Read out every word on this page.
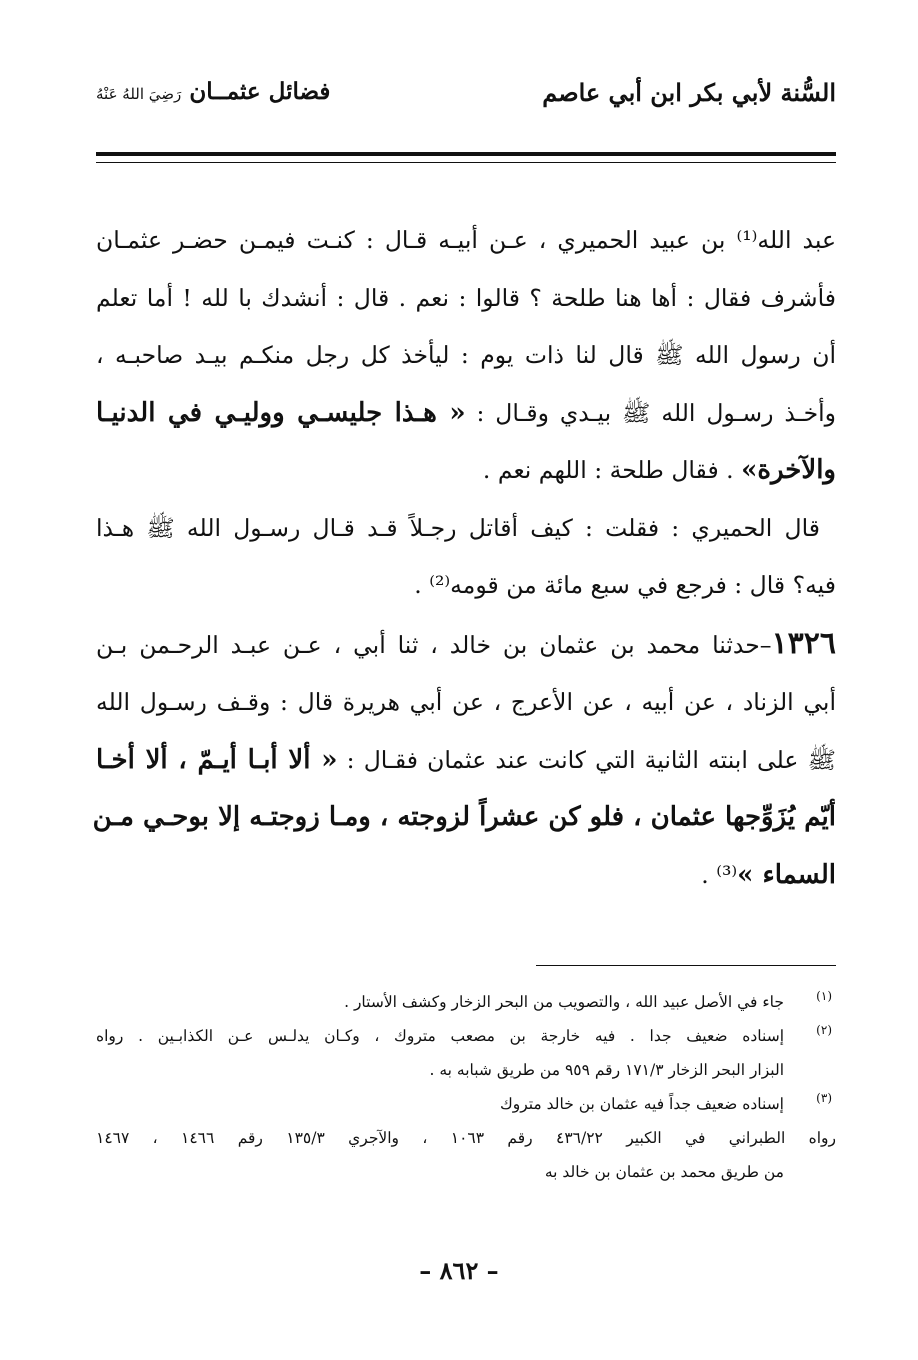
السُّنة لأبي بكر ابن أبي عاصم
فضائل عثمــان رَضِيَ اللهُ عَنْهُ

عبد الله⁽¹⁾ بن عبيد الحميري ، عـن أبيـه قـال : كنـت فيمـن حضـر عثمـان
فأشرف فقال : أها هنا طلحة ؟ قالوا : نعم . قال : أنشدك با لله ! أما تعلم
أن رسول الله ﷺ قال لنا ذات يوم : ليأخذ كل رجل منكـم بيـد صاحبـه ،
وأخـذ رسـول الله ﷺ بيـدي وقـال : « هـذا جليسـي ووليـي في الدنيـا
والآخرة» . فقال طلحة : اللهم نعم .

قال الحميري : فقلت : كيف أقاتل رجـلاً قـد قـال رسـول الله ﷺ هـذا
فيه؟ قال : فرجع في سبع مائة من قومه⁽²⁾ .

١٣٢٦–حدثنا محمد بن عثمان بن خالد ، ثنا أبي ، عـن عبـد الرحـمن بـن
أبي الزناد ، عن أبيه ، عن الأعرج ، عن أبي هريرة قال : وقـف رسـول الله
ﷺ على ابنته الثانية التي كانت عند عثمان فقـال : « ألا أبـا أيـمّ ، ألا أخـا
أيّم يُزَوِّجها عثمان ، فلو كن عشراً لزوجته ، ومـا زوجتـه إلا بوحـي مـن
السماء »⁽³⁾ .

(١)
جاء في الأصل عبيد الله ، والتصويب من البحر الزخار وكشف الأستار .
(٢)
إسناده ضعيف جدا . فيه خارجة بن مصعب متروك ، وكـان يدلـس عـن الكذابـين . رواه
البزار البحر الزخار ١٧١/٣ رقم ٩٥٩ من طريق شبابه به .
(٣)
إسناده ضعيف جداً فيه عثمان بن خالد متروك
رواه الطبراني في الكبير ٤٣٦/٢٢ رقم ١٠٦٣ ، والآجري ١٣٥/٣ رقم ١٤٦٦ ، ١٤٦٧
من طريق محمد بن عثمان بن خالد به
– ٨٦٢ –
